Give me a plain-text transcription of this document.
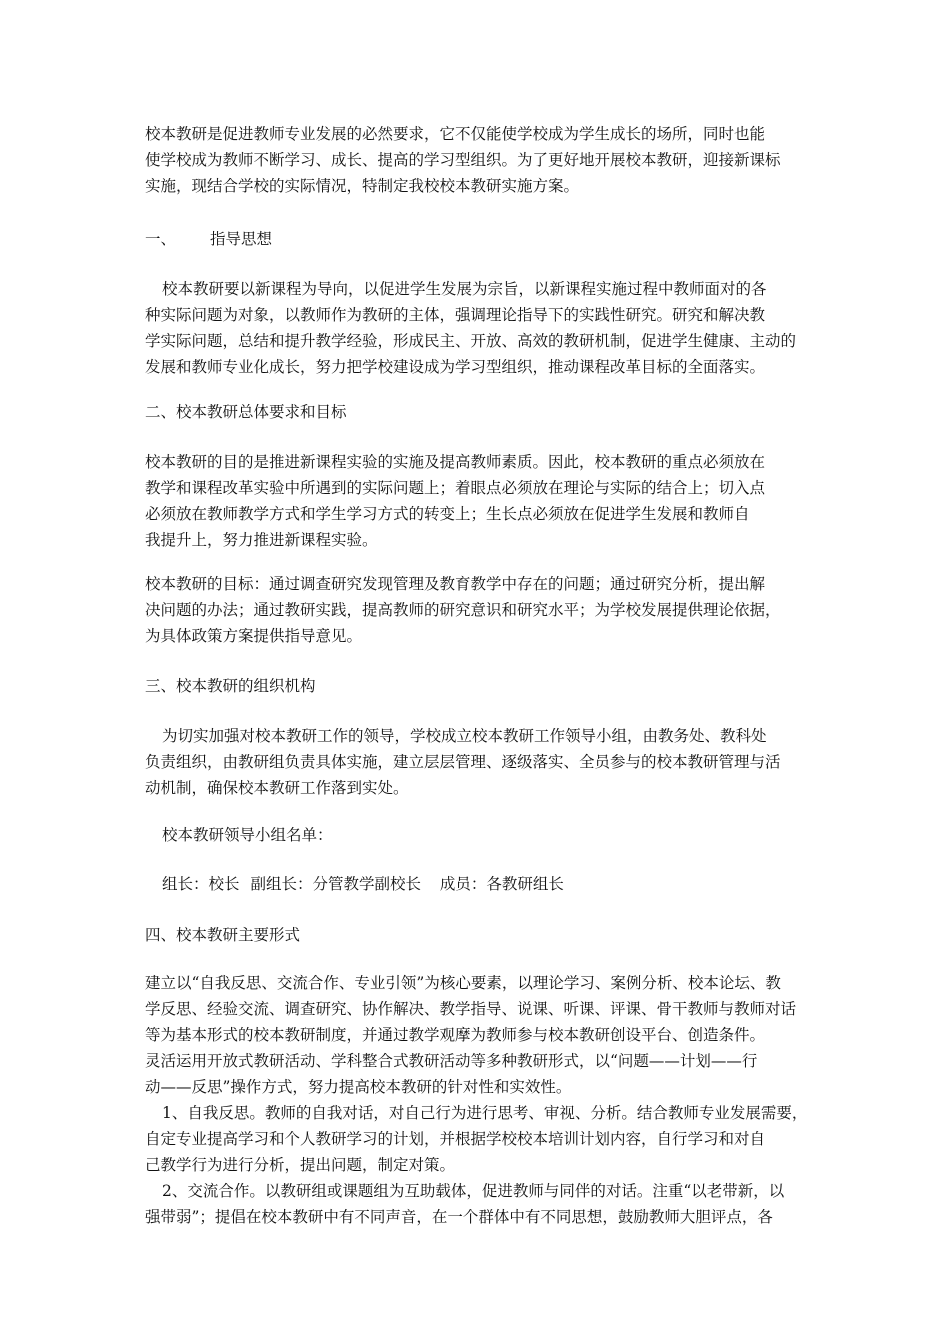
校本教研是促进教师专业发展的必然要求，它不仅能使学校成为学生成长的场所，同时也能
使学校成为教师不断学习、成长、提高的学习型组织。为了更好地开展校本教研，迎接新课标
实施，现结合学校的实际情况，特制定我校校本教研实施方案。
一、 指导思想
校本教研要以新课程为导向，以促进学生发展为宗旨，以新课程实施过程中教师面对的各
种实际问题为对象，以教师作为教研的主体，强调理论指导下的实践性研究。研究和解决教
学实际问题，总结和提升教学经验，形成民主、开放、高效的教研机制，促进学生健康、主动的
发展和教师专业化成长，努力把学校建设成为学习型组织，推动课程改革目标的全面落实。
二、校本教研总体要求和目标
校本教研的目的是推进新课程实验的实施及提高教师素质。因此，校本教研的重点必须放在
教学和课程改革实验中所遇到的实际问题上；着眼点必须放在理论与实际的结合上；切入点
必须放在教师教学方式和学生学习方式的转变上；生长点必须放在促进学生发展和教师自
我提升上，努力推进新课程实验。
校本教研的目标：通过调查研究发现管理及教育教学中存在的问题；通过研究分析，提出解
决问题的办法；通过教研实践，提高教师的研究意识和研究水平；为学校发展提供理论依据，
为具体政策方案提供指导意见。
三、校本教研的组织机构
为切实加强对校本教研工作的领导，学校成立校本教研工作领导小组，由教务处、教科处
负责组织，由教研组负责具体实施，建立层层管理、逐级落实、全员参与的校本教研管理与活
动机制，确保校本教研工作落到实处。
校本教研领导小组名单：
组长：校长 副组长：分管教学副校长 成员：各教研组长
四、校本教研主要形式
建立以“自我反思、交流合作、专业引领”为核心要素，以理论学习、案例分析、校本论坛、教
学反思、经验交流、调查研究、协作解决、教学指导、说课、听课、评课、骨干教师与教师对话
等为基本形式的校本教研制度，并通过教学观摩为教师参与校本教研创设平台、创造条件。
灵活运用开放式教研活动、学科整合式教研活动等多种教研形式，以“问题——计划——行
动——反思”操作方式，努力提高校本教研的针对性和实效性。
1、自我反思。教师的自我对话，对自己行为进行思考、审视、分析。结合教师专业发展需要，
自定专业提高学习和个人教研学习的计划，并根据学校校本培训计划内容，自行学习和对自
己教学行为进行分析，提出问题，制定对策。
2、交流合作。以教研组或课题组为互助载体，促进教师与同伴的对话。注重“以老带新，以
强带弱”；提倡在校本教研中有不同声音，在一个群体中有不同思想，鼓励教师大胆评点，各
